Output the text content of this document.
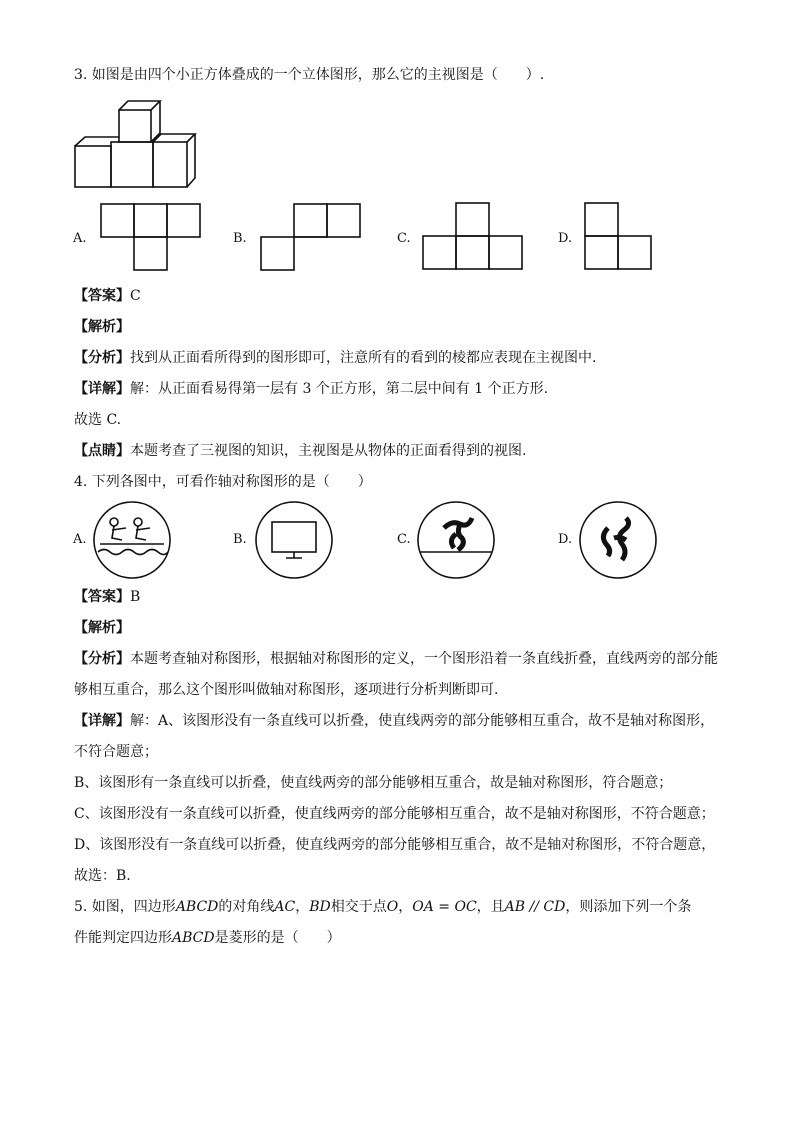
3. 如图是由四个小正方体叠成的一个立体图形，那么它的主视图是（　　）.
A.	B.	C.	D.
【答案】C
【解析】
【分析】找到从正面看所得到的图形即可，注意所有的看到的棱都应表现在主视图中.
【详解】解：从正面看易得第一层有 3 个正方形，第二层中间有 1 个正方形.
故选 C.
【点睛】本题考查了三视图的知识，主视图是从物体的正面看得到的视图.
4. 下列各图中，可看作轴对称图形的是（　　）
A.	B.	C.	D.
【答案】B
【解析】
【分析】本题考查轴对称图形，根据轴对称图形的定义，一个图形沿着一条直线折叠，直线两旁的部分能
够相互重合，那么这个图形叫做轴对称图形，逐项进行分析判断即可.
【详解】解：A、该图形没有一条直线可以折叠，使直线两旁的部分能够相互重合，故不是轴对称图形，
不符合题意；
B、该图形有一条直线可以折叠，使直线两旁的部分能够相互重合，故是轴对称图形，符合题意；
C、该图形没有一条直线可以折叠，使直线两旁的部分能够相互重合，故不是轴对称图形，不符合题意；
D、该图形没有一条直线可以折叠，使直线两旁的部分能够相互重合，故不是轴对称图形，不符合题意，
故选：B.
5. 如图，四边形ABCD的对角线AC，BD相交于点O，OA = OC，且AB // CD，则添加下列一个条
件能判定四边形ABCD是菱形的是（　　）
